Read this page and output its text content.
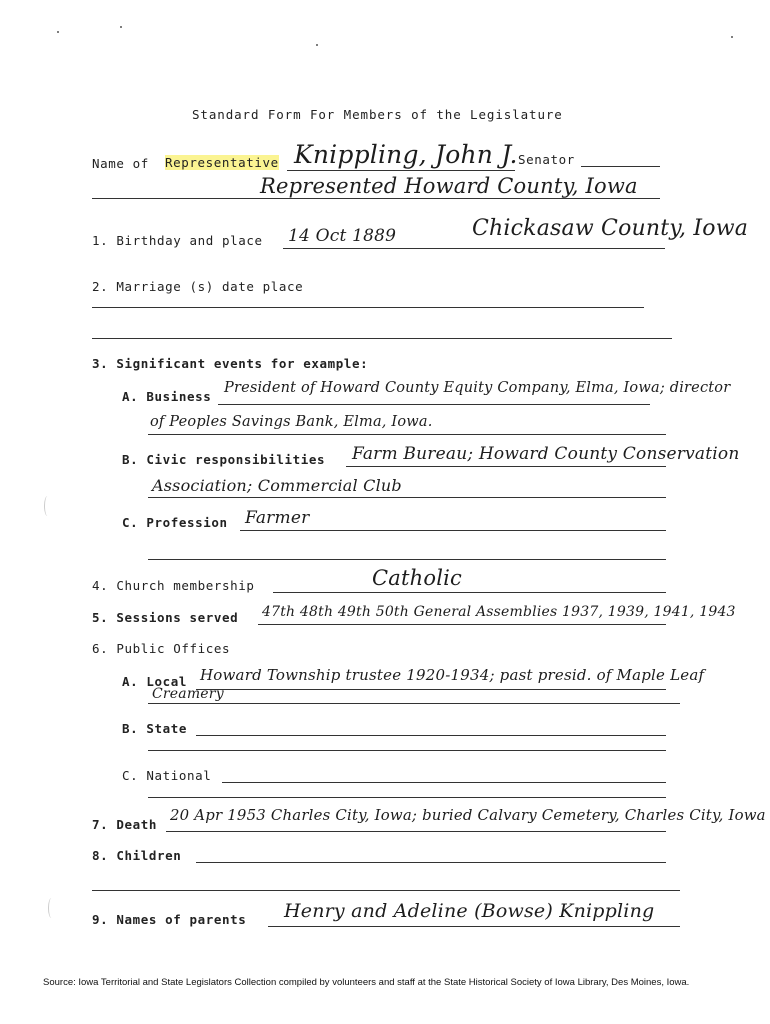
Standard Form For Members of the Legislature
Name of Representative Knippling, John J. Senator
Represented Howard County, Iowa
1. Birthday and place 14 Oct 1889	Chickasaw County, Iowa
2. Marriage (s) date place
3. Significant events for example:
A. Business
President of Howard County Equity Company, Elma, Iowa; director
of Peoples Savings Bank, Elma, Iowa.
B. Civic responsibilities Farm Bureau; Howard County Conservation
Association; Commercial Club
C. Profession Farmer
4. Church membership	Catholic
5. Sessions served 47th 48th 49th 50th General Assemblies 1937, 1939, 1941, 1943
6. Public Offices
A. Local Howard Township trustee 1920-1934; past presid. of Maple Leaf
Creamery
B. State
C. National
7. Death
20 Apr 1953 Charles City, Iowa; buried Calvary Cemetery, Charles City, Iowa
8. Children
9. Names of parents Henry and Adeline (Bowse) Knippling
Source: Iowa Territorial and State Legislators Collection compiled by volunteers and staff at the State Historical Society of Iowa Library, Des Moines, Iowa.
